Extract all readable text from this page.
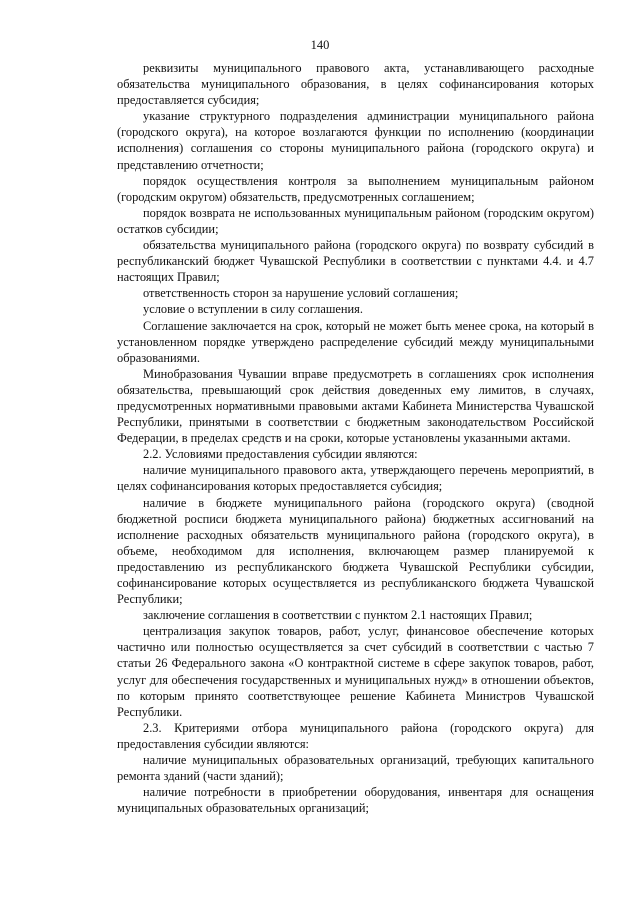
140

реквизиты муниципального правового акта, устанавливающего расходные обязательства муниципального образования, в целях софинансирования которых предоставляется субсидия;

указание структурного подразделения администрации муниципального района (городского округа), на которое возлагаются функции по исполнению (координации исполнения) соглашения со стороны муниципального района (городского округа) и представлению отчетности;

порядок осуществления контроля за выполнением муниципальным районом (городским округом) обязательств, предусмотренных соглашением;

порядок возврата не использованных муниципальным районом (городским округом) остатков субсидии;

обязательства муниципального района (городского округа) по возврату субсидий в республиканский бюджет Чувашской Республики в соответствии с пунктами 4.4. и 4.7 настоящих Правил;

ответственность сторон за нарушение условий соглашения;

условие о вступлении в силу соглашения.

Соглашение заключается на срок, который не может быть менее срока, на который в установленном порядке утверждено распределение субсидий между муниципальными образованиями.

Минобразования Чувашии вправе предусмотреть в соглашениях срок исполнения обязательства, превышающий срок действия доведенных ему лимитов, в случаях, предусмотренных нормативными правовыми актами Кабинета Министерства Чувашской Республики, принятыми в соответствии с бюджетным законодательством Российской Федерации, в пределах средств и на сроки, которые установлены указанными актами.

2.2. Условиями предоставления субсидии являются:

наличие муниципального правового акта, утверждающего перечень мероприятий, в целях софинансирования которых предоставляется субсидия;

наличие в бюджете муниципального района (городского округа) (сводной бюджетной росписи бюджета муниципального района) бюджетных ассигнований на исполнение расходных обязательств муниципального района (городского округа), в объеме, необходимом для исполнения, включающем размер планируемой к предоставлению из республиканского бюджета Чувашской Республики субсидии, софинансирование которых осуществляется из республиканского бюджета Чувашской Республики;

заключение соглашения в соответствии с пунктом 2.1 настоящих Правил;

централизация закупок товаров, работ, услуг, финансовое обеспечение которых частично или полностью осуществляется за счет субсидий в соответствии с частью 7 статьи 26 Федерального закона «О контрактной системе в сфере закупок товаров, работ, услуг для обеспечения государственных и муниципальных нужд» в отношении объектов, по которым принято соответствующее решение Кабинета Министров Чувашской Республики.

2.3. Критериями отбора муниципального района (городского округа) для предоставления субсидии являются:

наличие муниципальных образовательных организаций, требующих капитального ремонта зданий (части зданий);

наличие потребности в приобретении оборудования, инвентаря для оснащения муниципальных образовательных организаций;
